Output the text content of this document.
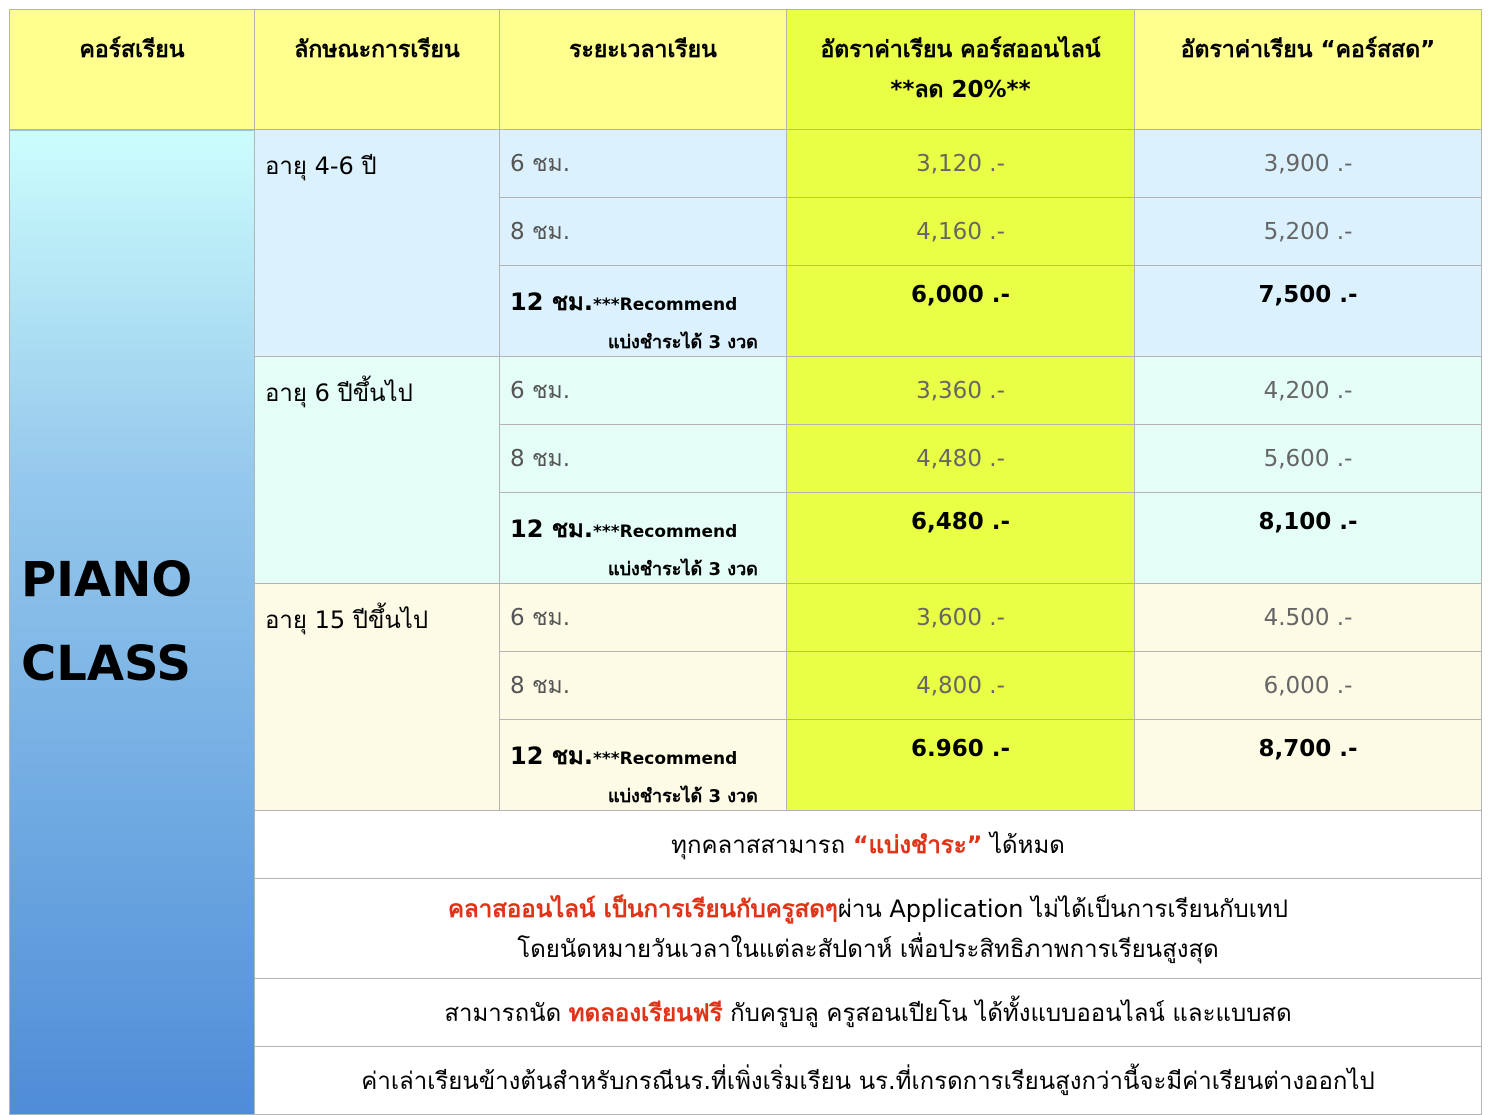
คอร์สเรียน	ลักษณะการเรียน	ระยะเวลาเรียน	อัตราค่าเรียน คอร์สออนไลน์
**ลด 20%**	อัตราค่าเรียน “คอร์สสด”

PIANO
CLASS	อายุ 4-6 ปี	6 ชม.	3,120 .-	3,900 .-
		8 ชม.	4,160 .-	5,200 .-
		12 ชม.***Recommend
แบ่งชำระได้ 3 งวด	6,000 .-	7,500 .-
	อายุ 6 ปีขึ้นไป	6 ชม.	3,360 .-	4,200 .-
		8 ชม.	4,480 .-	5,600 .-
		12 ชม.***Recommend
แบ่งชำระได้ 3 งวด	6,480 .-	8,100 .-
	อายุ 15 ปีขึ้นไป	6 ชม.	3,600 .-	4.500 .-
		8 ชม.	4,800 .-	6,000 .-
		12 ชม.***Recommend
แบ่งชำระได้ 3 งวด	6.960 .-	8,700 .-
	ทุกคลาสสามารถ “แบ่งชำระ” ได้หมด			
	คลาสออนไลน์ เป็นการเรียนกับครูสดๆผ่าน Application ไม่ได้เป็นการเรียนกับเทป
โดยนัดหมายวันเวลาในแต่ละสัปดาห์ เพื่อประสิทธิภาพการเรียนสูงสุด			
	สามารถนัด ทดลองเรียนฟรี กับครูบลู ครูสอนเปียโน ได้ทั้งแบบออนไลน์ และแบบสด			
	ค่าเล่าเรียนข้างต้นสำหรับกรณีนร.ที่เพิ่งเริ่มเรียน นร.ที่เกรดการเรียนสูงกว่านี้จะมีค่าเรียนต่างออกไป			
